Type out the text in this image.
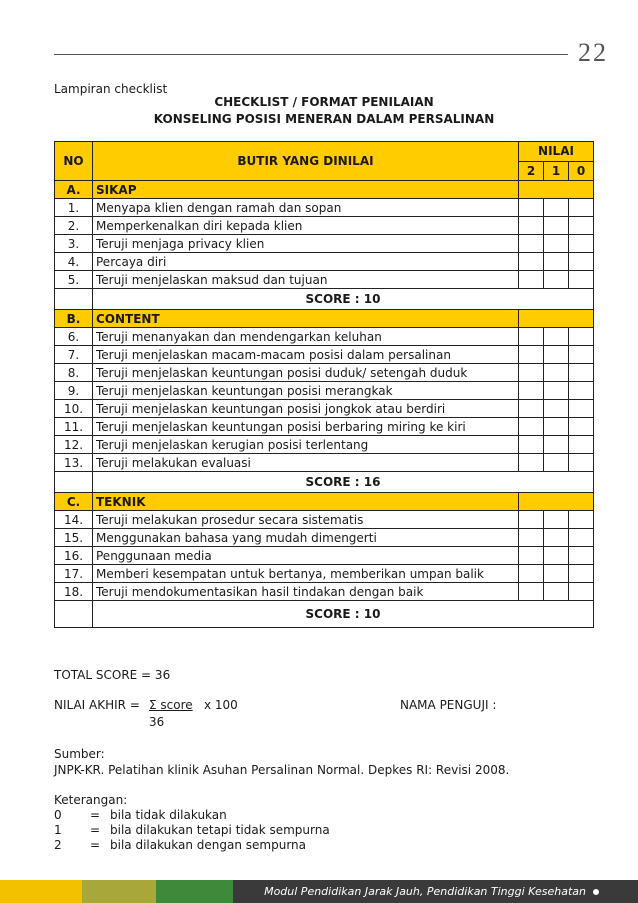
22
Lampiran checklist
CHECKLIST / FORMAT PENILAIAN
KONSELING POSISI MENERAN DALAM PERSALINAN
NO	BUTIR YANG DINILAI	NILAI		
		2	1	0
A.	SIKAP			
1.	Menyapa klien dengan ramah dan sopan			
2.	Memperkenalkan diri kepada klien			
3.	Teruji menjaga privacy klien			
4.	Percaya diri			
5.	Teruji menjelaskan maksud dan tujuan			
	SCORE : 10			
B.	CONTENT			
6.	Teruji menanyakan dan mendengarkan keluhan			
7.	Teruji menjelaskan macam-macam posisi dalam persalinan			
8.	Teruji menjelaskan keuntungan posisi duduk/ setengah duduk			
9.	Teruji menjelaskan keuntungan posisi merangkak			
10.	Teruji menjelaskan keuntungan posisi jongkok atau berdiri			
11.	Teruji menjelaskan keuntungan posisi berbaring miring ke kiri			
12.	Teruji menjelaskan kerugian posisi terlentang			
13.	Teruji melakukan evaluasi			
	SCORE : 16			
C.	TEKNIK			
14.	Teruji melakukan prosedur secara sistematis			
15.	Menggunakan bahasa yang mudah dimengerti			
16.	Penggunaan media			
17.	Memberi kesempatan untuk bertanya, memberikan umpan balik			
18.	Teruji mendokumentasikan hasil tindakan dengan baik			
	SCORE : 10			
TOTAL SCORE = 36
NILAI AKHIR = Σ score x 100
36
NAMA PENGUJI :
Sumber:
JNPK-KR. Pelatihan klinik Asuhan Persalinan Normal. Depkes RI: Revisi 2008.
Keterangan:
0 = bila tidak dilakukan
1 = bila dilakukan tetapi tidak sempurna
2 = bila dilakukan dengan sempurna
Modul Pendidikan Jarak Jauh, Pendidikan Tinggi Kesehatan
